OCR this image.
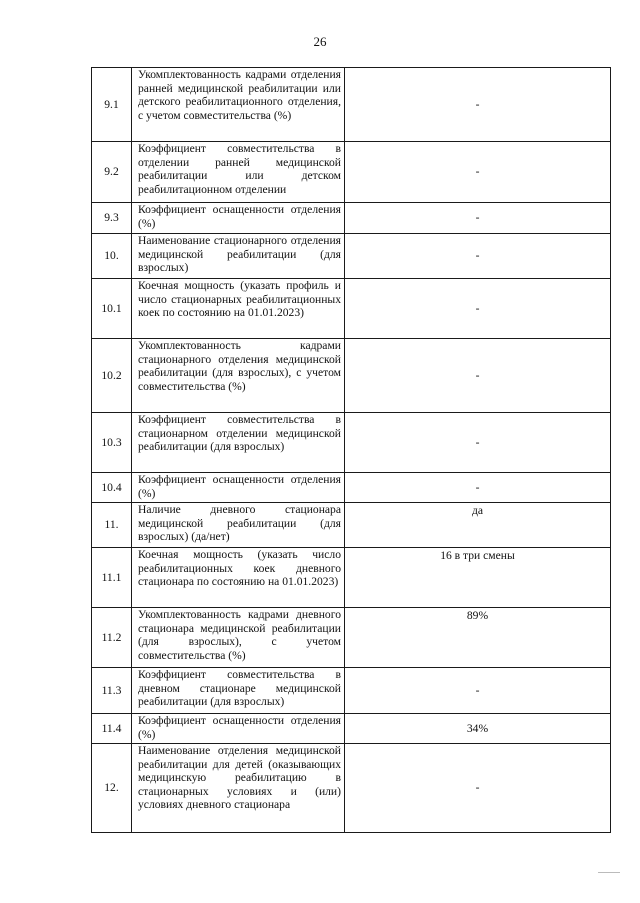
26
9.1	Укомплектованность кадрами отделения ранней медицинской реабилитации или детского реабилитационного отделения, с учетом совместительства (%)	-
9.2	Коэффициент совместительства в отделении ранней медицинской реабилитации или детском реабилитационном отделении	-
9.3	Коэффициент оснащенности отделения (%)	-
10.	Наименование стационарного отделения медицинской реабилитации (для взрослых)	-
10.1	Коечная мощность (указать профиль и число стационарных реабилитационных коек по состоянию на 01.01.2023)	-
10.2	Укомплектованность кадрами стационарного отделения медицинской реабилитации (для взрослых), с учетом совместительства (%)	-
10.3	Коэффициент совместительства в стационарном отделении медицинской реабилитации (для взрослых)	-
10.4	Коэффициент оснащенности отделения (%)	-
11.	Наличие дневного стационара медицинской реабилитации (для взрослых) (да/нет)	да
11.1	Коечная мощность (указать число реабилитационных коек дневного стационара по состоянию на 01.01.2023)	16 в три смены
11.2	Укомплектованность кадрами дневного стационара медицинской реабилитации (для взрослых), с учетом совместительства (%)	89%
11.3	Коэффициент совместительства в дневном стационаре медицинской реабилитации (для взрослых)	-
11.4	Коэффициент оснащенности отделения (%)	34%
12.	Наименование отделения медицинской реабилитации для детей (оказывающих медицинскую реабилитацию в стационарных условиях и (или) условиях дневного стационара	-
